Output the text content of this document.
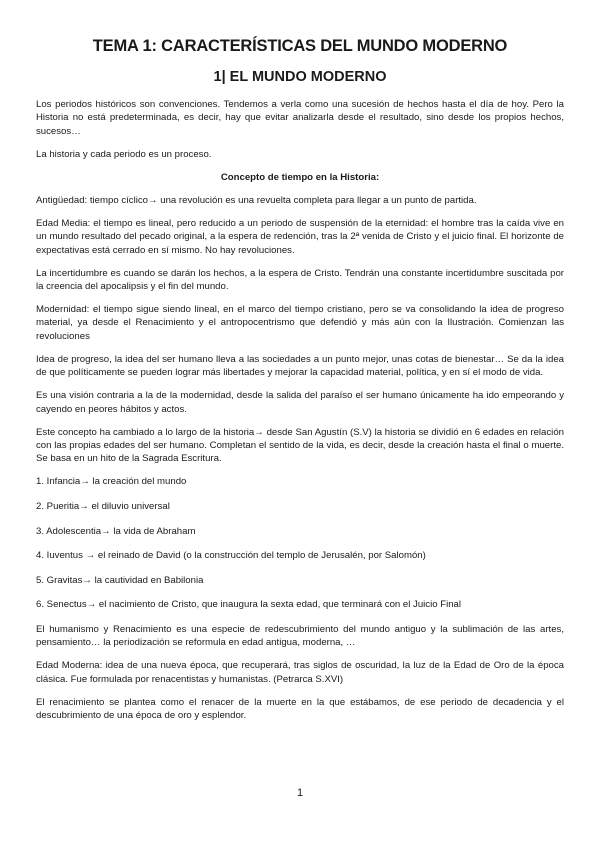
TEMA 1: CARACTERÍSTICAS DEL MUNDO MODERNO
1| EL MUNDO MODERNO

Los periodos históricos son convenciones. Tendemos a verla como una sucesión de hechos hasta el día de hoy. Pero la Historia no está predeterminada, es decir, hay que evitar analizarla desde el resultado, sino desde los propios hechos, sucesos…

La historia y cada periodo es un proceso.

Concepto de tiempo en la Historia:

Antigüedad: tiempo cíclico→ una revolución es una revuelta completa para llegar a un punto de partida.

Edad Media: el tiempo es lineal, pero reducido a un periodo de suspensión de la eternidad: el hombre tras la caída vive en un mundo resultado del pecado original, a la espera de redención, tras la 2ª venida de Cristo y el juicio final. El horizonte de expectativas está cerrado en sí mismo. No hay revoluciones.

La incertidumbre es cuando se darán los hechos, a la espera de Cristo. Tendrán una constante incertidumbre suscitada por la creencia del apocalipsis y el fin del mundo.

Modernidad: el tiempo sigue siendo lineal, en el marco del tiempo cristiano, pero se va consolidando la idea de progreso material, ya desde el Renacimiento y el antropocentrismo que defendió y más aún con la Ilustración. Comienzan las revoluciones

Idea de progreso, la idea del ser humano lleva a las sociedades a un punto mejor, unas cotas de bienestar… Se da la idea de que políticamente se pueden lograr más libertades y mejorar la capacidad material, política, y en sí el modo de vida.

Es una visión contraria a la de la modernidad, desde la salida del paraíso el ser humano únicamente ha ido empeorando y cayendo en peores hábitos y actos.

Este concepto ha cambiado a lo largo de la historia→ desde San Agustín (S.V) la historia se dividió en 6 edades en relación con las propias edades del ser humano. Completan el sentido de la vida, es decir, desde la creación hasta el final o muerte. Se basa en un hito de la Sagrada Escritura.

1. Infancia→ la creación del mundo

2. Pueritia→ el diluvio universal

3. Adolescentia→ la vida de Abraham

4. Iuventus → el reinado de David (o la construcción del templo de Jerusalén, por Salomón)

5. Gravitas→ la cautividad en Babilonia

6. Senectus→ el nacimiento de Cristo, que inaugura la sexta edad, que terminará con el Juicio Final

El humanismo y Renacimiento es una especie de redescubrimiento del mundo antiguo y la sublimación de las artes, pensamiento… la periodización se reformula en edad antigua, moderna, …

Edad Moderna: idea de una nueva época, que recuperará, tras siglos de oscuridad, la luz de la Edad de Oro de la época clásica. Fue formulada por renacentistas y humanistas. (Petrarca S.XVI)

El renacimiento se plantea como el renacer de la muerte en la que estábamos, de ese periodo de decadencia y el descubrimiento de una época de oro y esplendor.

1
